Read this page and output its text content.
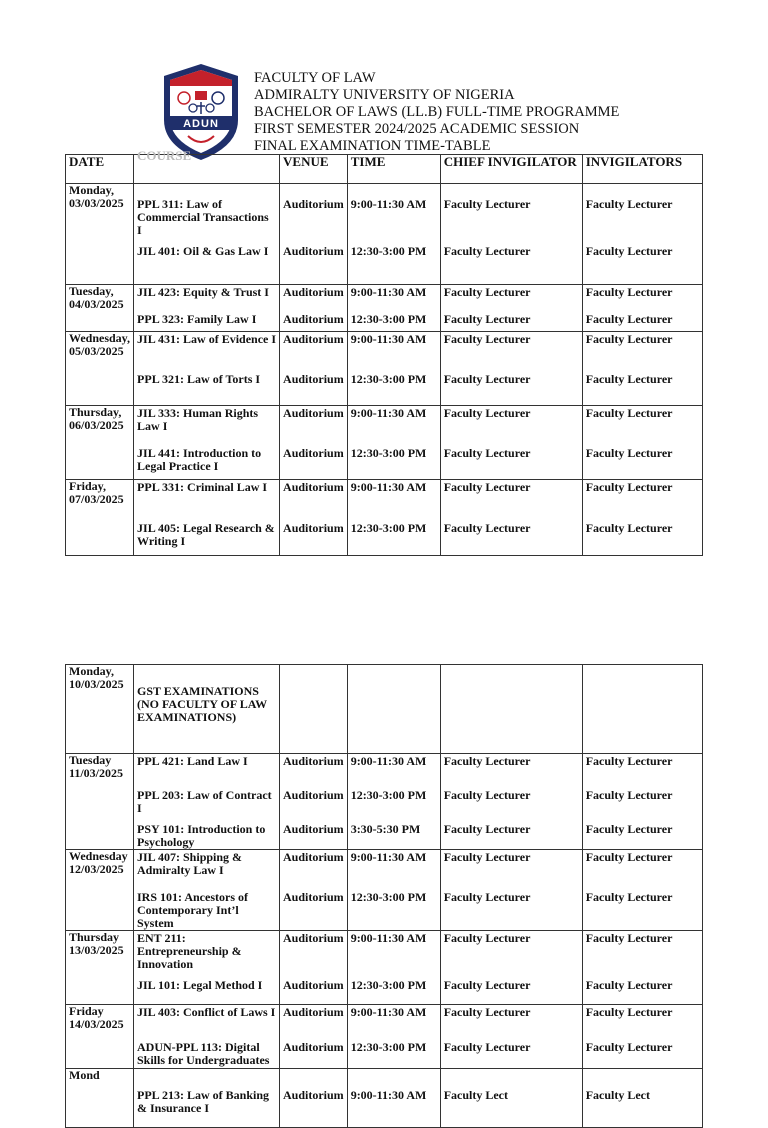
ADUN
FACULTY OF LAW
ADMIRALTY UNIVERSITY OF NIGERIA
BACHELOR OF LAWS (LL.B) FULL-TIME PROGRAMME
FIRST SEMESTER 2024/2025 ACADEMIC SESSION
FINAL EXAMINATION TIME-TABLE
DATE	COURSE	VENUE	TIME	CHIEF INVIGILATOR	INVIGILATORS
Monday, 03/03/2025	PPL 311: Law of Commercial Transactions I	Auditorium	9:00-11:30 AM	Faculty Lecturer	Faculty Lecturer
	JIL 401: Oil & Gas Law I	Auditorium	12:30-3:00 PM	Faculty Lecturer	Faculty Lecturer
Tuesday, 04/03/2025	JIL 423: Equity & Trust I	Auditorium	9:00-11:30 AM	Faculty Lecturer	Faculty Lecturer
	PPL 323: Family Law I	Auditorium	12:30-3:00 PM	Faculty Lecturer	Faculty Lecturer
Wednesday, 05/03/2025	JIL 431: Law of Evidence I	Auditorium	9:00-11:30 AM	Faculty Lecturer	Faculty Lecturer
	PPL 321: Law of Torts I	Auditorium	12:30-3:00 PM	Faculty Lecturer	Faculty Lecturer
Thursday, 06/03/2025	JIL 333: Human Rights Law I	Auditorium	9:00-11:30 AM	Faculty Lecturer	Faculty Lecturer
	JIL 441: Introduction to Legal Practice I	Auditorium	12:30-3:00 PM	Faculty Lecturer	Faculty Lecturer
Friday, 07/03/2025	PPL 331: Criminal Law I	Auditorium	9:00-11:30 AM	Faculty Lecturer	Faculty Lecturer
	JIL 405: Legal Research & Writing I	Auditorium	12:30-3:00 PM	Faculty Lecturer	Faculty Lecturer
Monday, 10/03/2025	GST EXAMINATIONS (NO FACULTY OF LAW EXAMINATIONS)				
Tuesday 11/03/2025	PPL 421: Land Law I	Auditorium	9:00-11:30 AM	Faculty Lecturer	Faculty Lecturer
	PPL 203: Law of Contract I	Auditorium	12:30-3:00 PM	Faculty Lecturer	Faculty Lecturer
	PSY 101: Introduction to Psychology	Auditorium	3:30-5:30 PM	Faculty Lecturer	Faculty Lecturer
Wednesday 12/03/2025	JIL 407: Shipping & Admiralty Law I	Auditorium	9:00-11:30 AM	Faculty Lecturer	Faculty Lecturer
	IRS 101: Ancestors of Contemporary Int’l System	Auditorium	12:30-3:00 PM	Faculty Lecturer	Faculty Lecturer
Thursday 13/03/2025	ENT 211: Entrepreneurship & Innovation	Auditorium	9:00-11:30 AM	Faculty Lecturer	Faculty Lecturer
	JIL 101: Legal Method I	Auditorium	12:30-3:00 PM	Faculty Lecturer	Faculty Lecturer
Friday 14/03/2025	JIL 403: Conflict of Laws I	Auditorium	9:00-11:30 AM	Faculty Lecturer	Faculty Lecturer
	ADUN-PPL 113: Digital Skills for Undergraduates	Auditorium	12:30-3:00 PM	Faculty Lecturer	Faculty Lecturer
Mond	PPL 213: Law of Banking & Insurance I	Auditorium	9:00-11:30 AM	Faculty Lect	Faculty Lect
